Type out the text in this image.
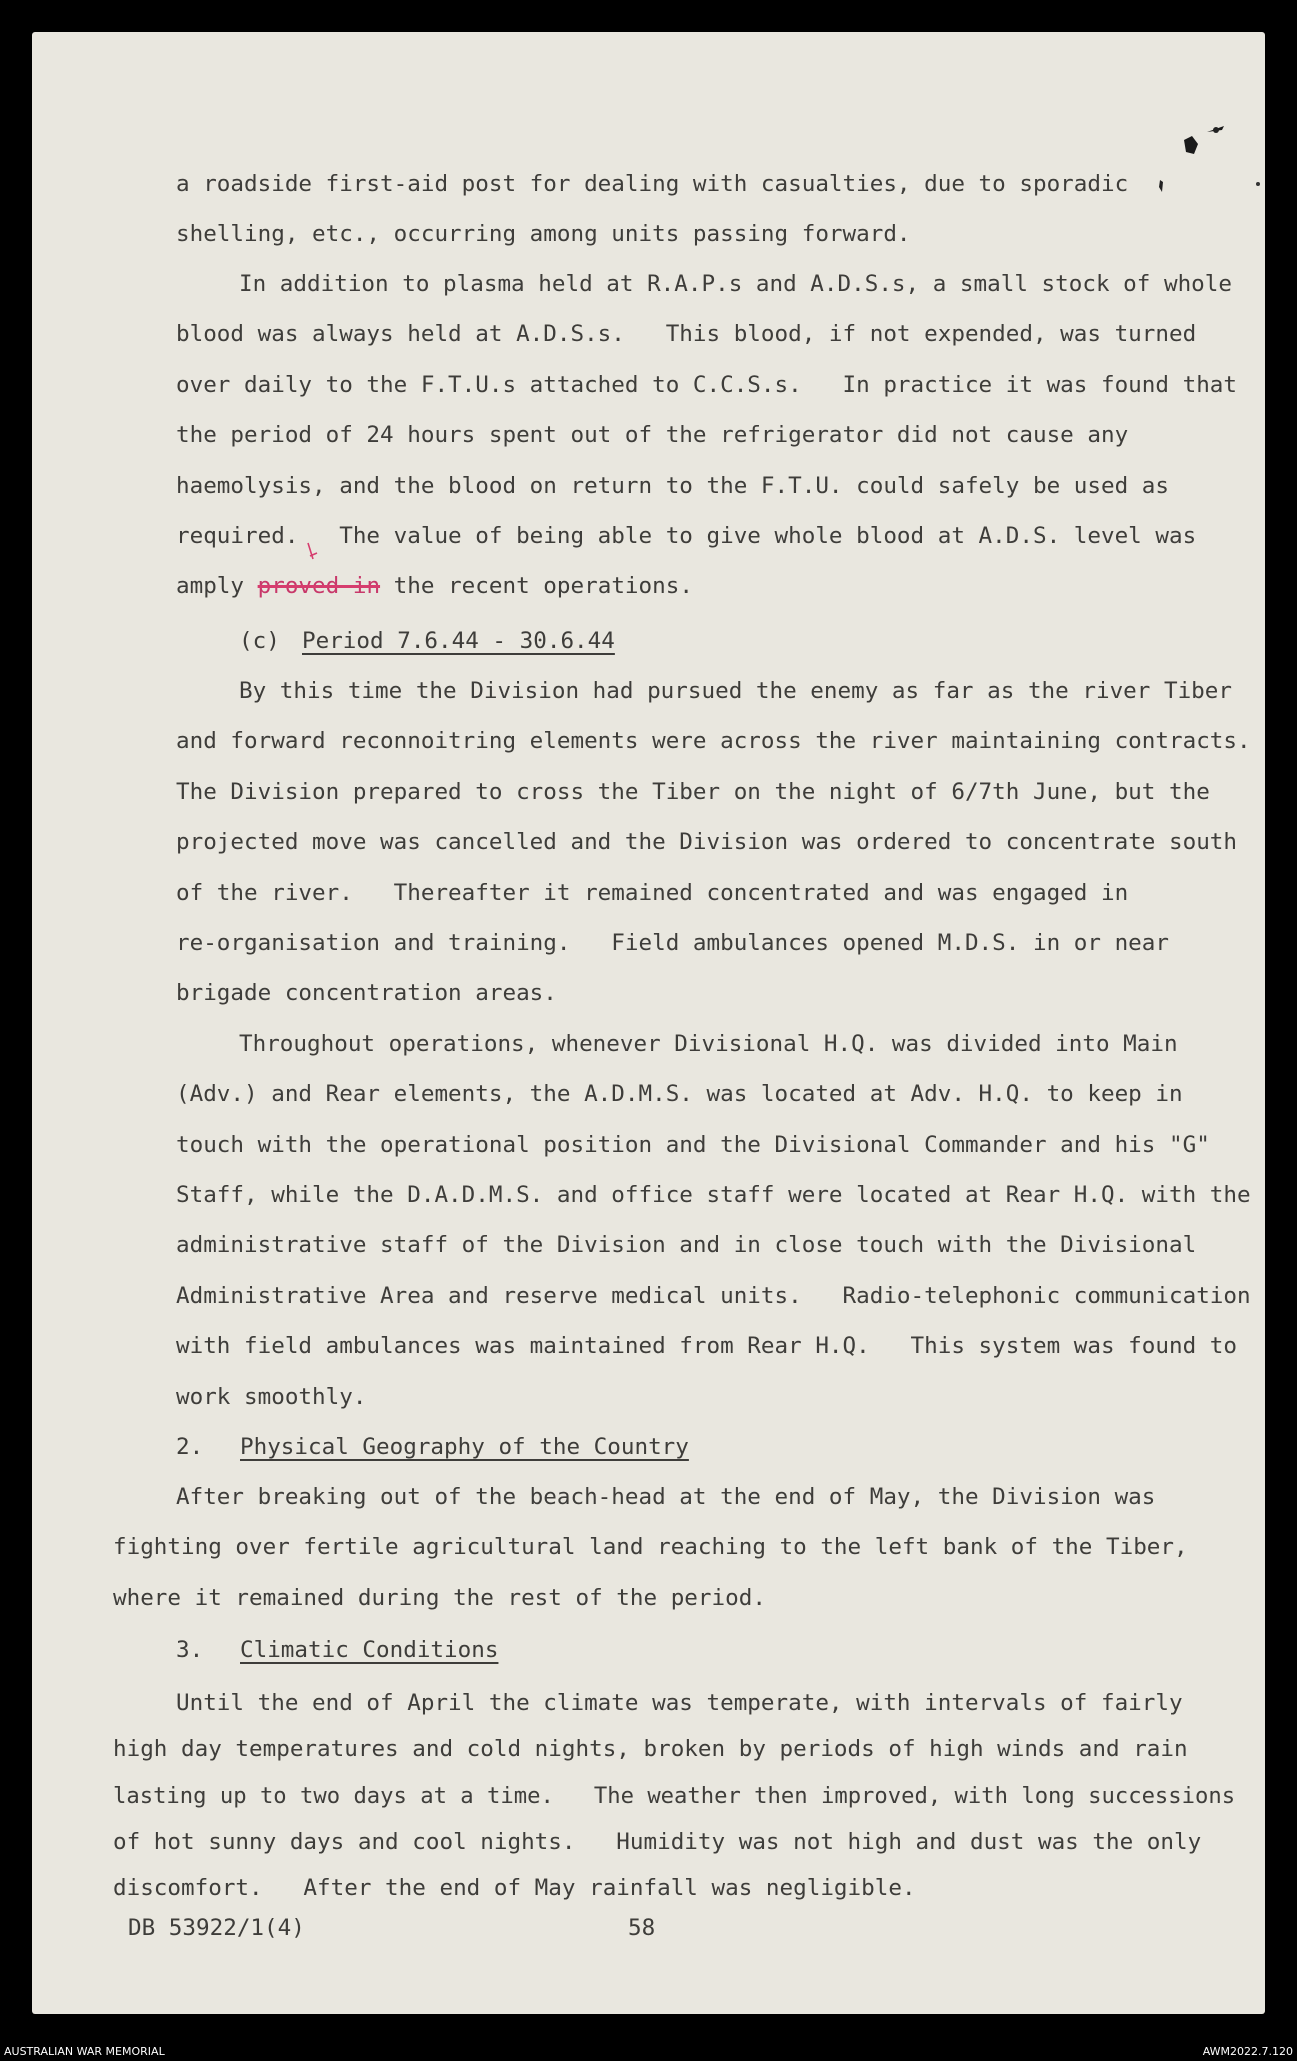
a roadside first-aid post for dealing with casualties, due to sporadic

shelling, etc., occurring among units passing forward.

In addition to plasma held at R.A.P.s and A.D.S.s, a small stock of whole

blood was always held at A.D.S.s.   This blood, if not expended, was turned

over daily to the F.T.U.s attached to C.C.S.s.   In practice it was found that

the period of 24 hours spent out of the refrigerator did not cause any

haemolysis, and the blood on return to the F.T.U. could safely be used as

required.   The value of being able to give whole blood at A.D.S. level was

amply proved in the recent operations.

(c) Period 7.6.44 - 30.6.44

By this time the Division had pursued the enemy as far as the river Tiber

and forward reconnoitring elements were across the river maintaining contracts.

The Division prepared to cross the Tiber on the night of 6/7th June, but the

projected move was cancelled and the Division was ordered to concentrate south

of the river.   Thereafter it remained concentrated and was engaged in

re-organisation and training.   Field ambulances opened M.D.S. in or near

brigade concentration areas.

Throughout operations, whenever Divisional H.Q. was divided into Main

(Adv.) and Rear elements, the A.D.M.S. was located at Adv. H.Q. to keep in

touch with the operational position and the Divisional Commander and his "G"

Staff, while the D.A.D.M.S. and office staff were located at Rear H.Q. with the

administrative staff of the Division and in close touch with the Divisional

Administrative Area and reserve medical units.   Radio-telephonic communication

with field ambulances was maintained from Rear H.Q.   This system was found to

work smoothly.

2. Physical Geography of the Country

After breaking out of the beach-head at the end of May, the Division was

fighting over fertile agricultural land reaching to the left bank of the Tiber,

where it remained during the rest of the period.

3. Climatic Conditions

Until the end of April the climate was temperate, with intervals of fairly

high day temperatures and cold nights, broken by periods of high winds and rain

lasting up to two days at a time.   The weather then improved, with long successions

of hot sunny days and cool nights.   Humidity was not high and dust was the only

discomfort.   After the end of May rainfall was negligible.

DB 53922/1(4)	58

AUSTRALIAN WAR MEMORIAL	AWM2022.7.120
